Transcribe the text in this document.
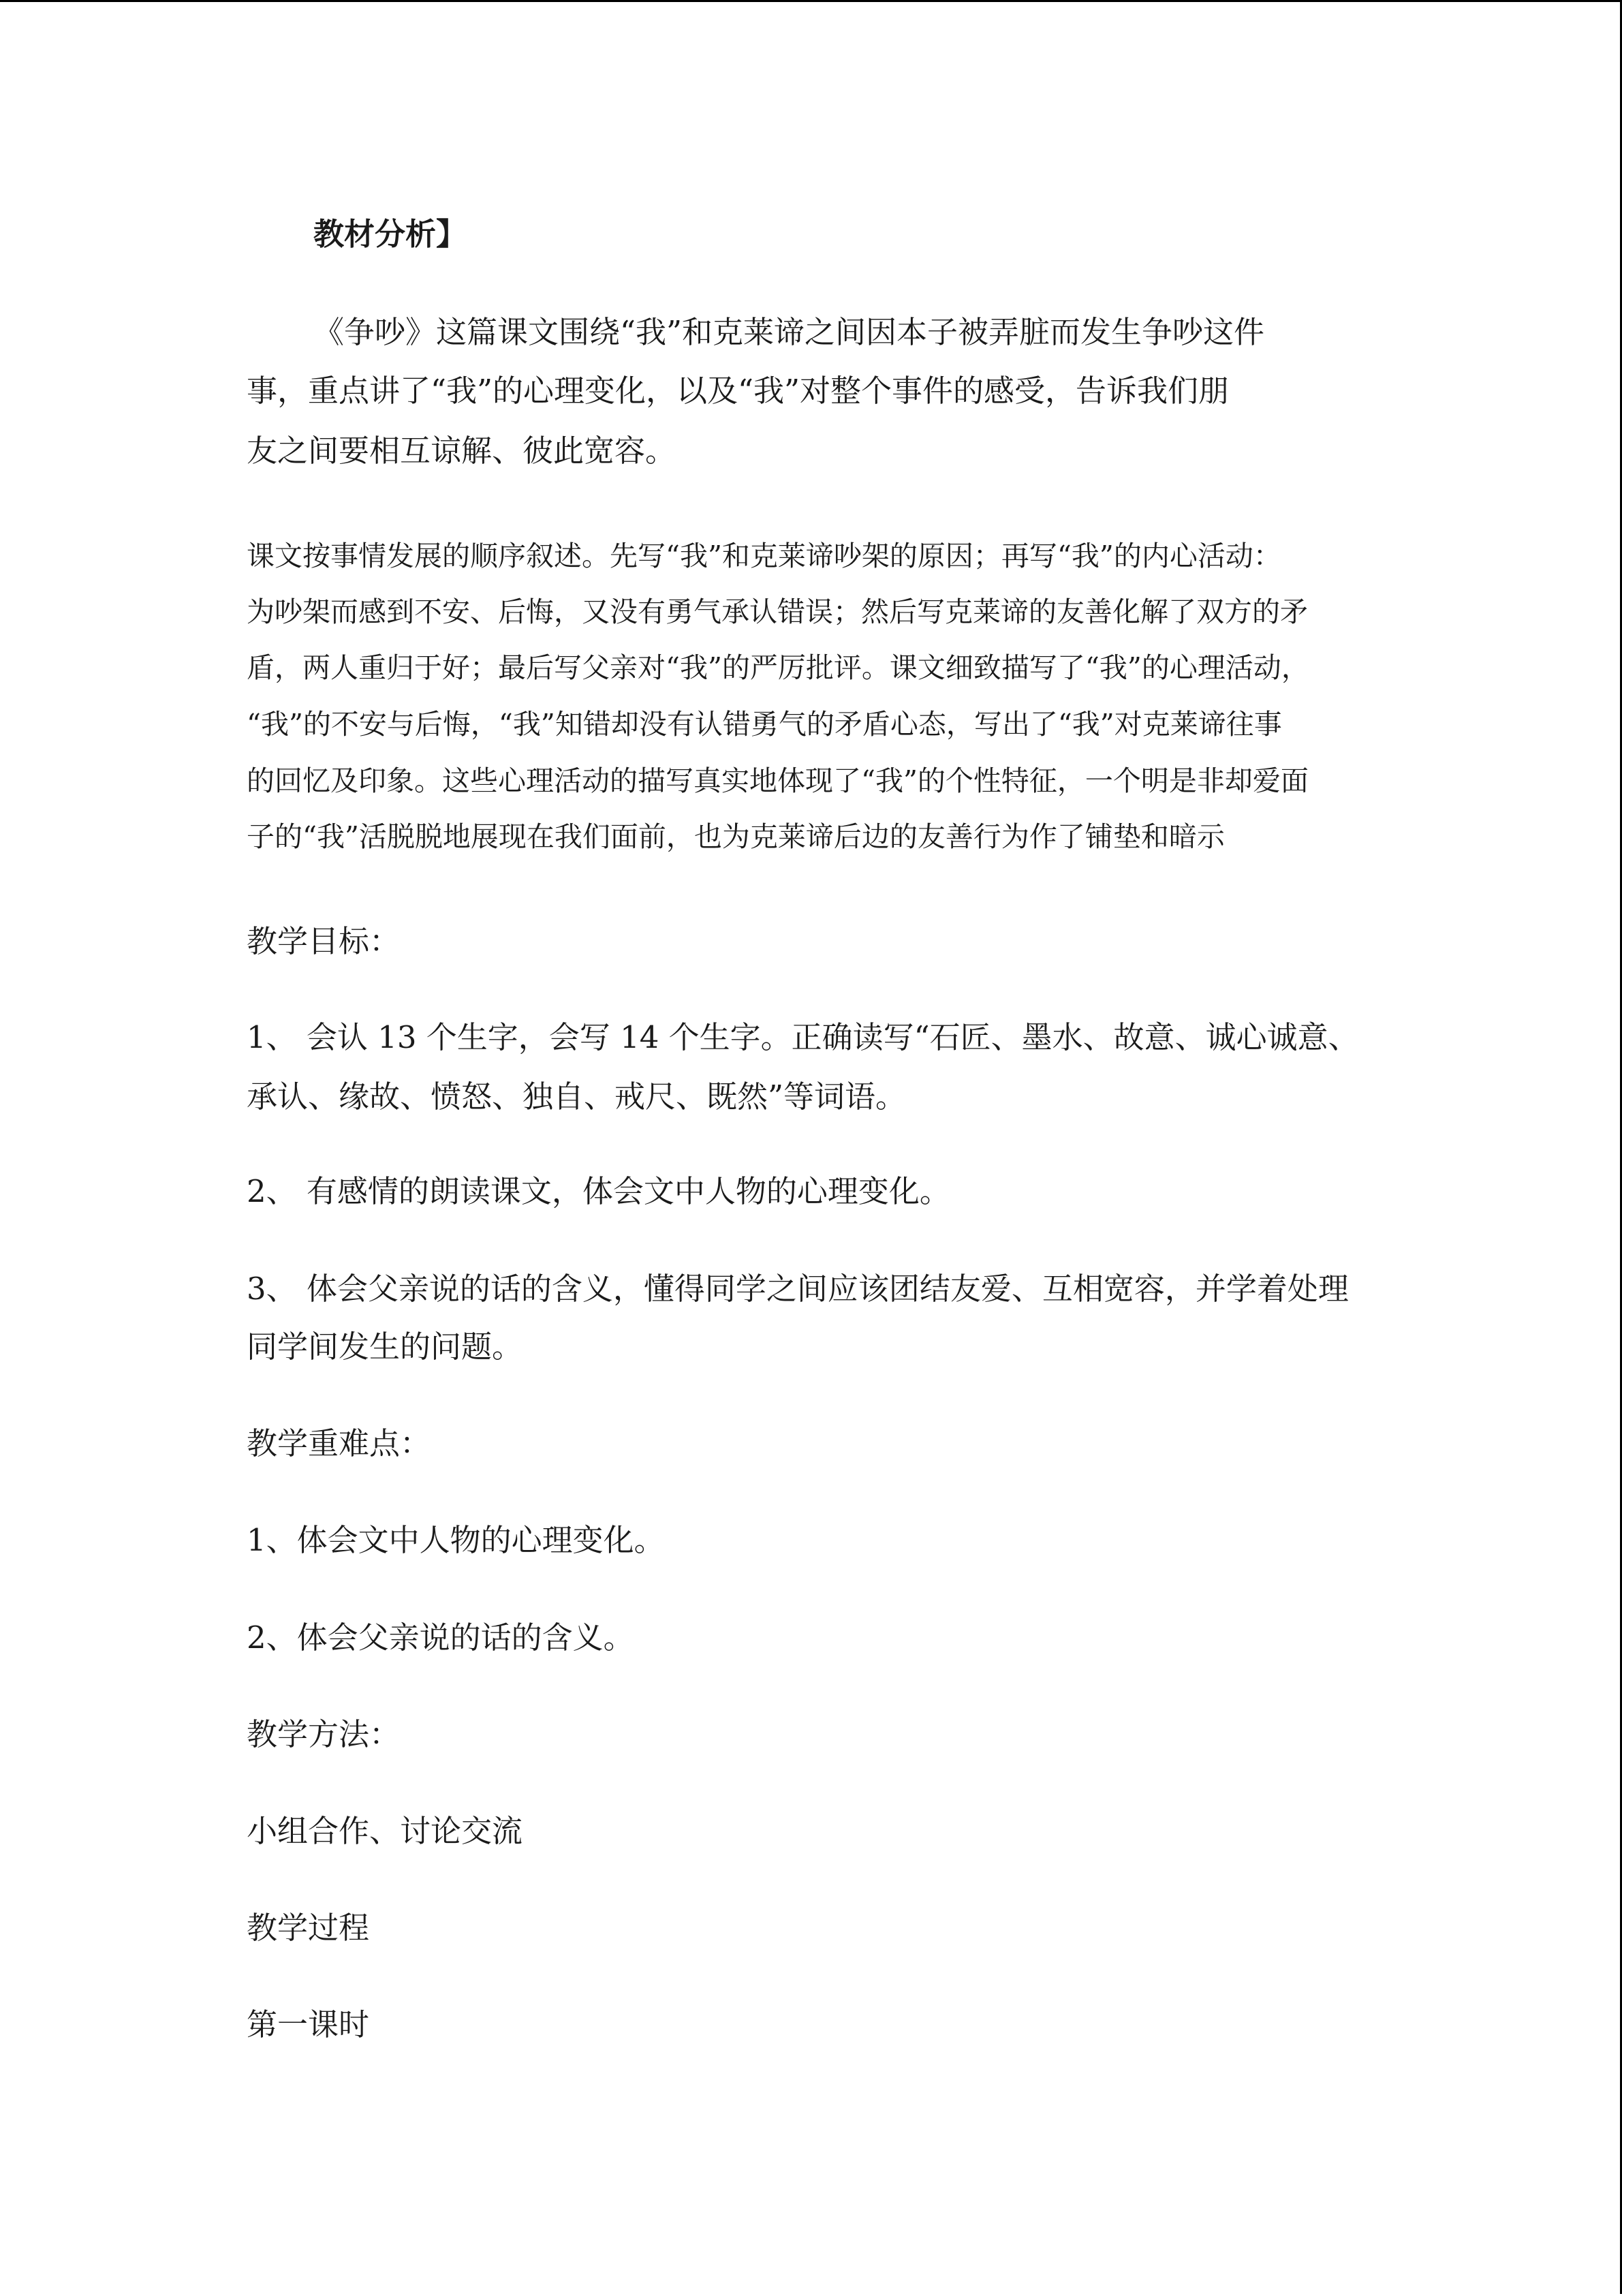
教材分析】
《争吵》这篇课文围绕“我”和克莱谛之间因本子被弄脏而发生争吵这件
事，重点讲了“我”的心理变化，以及“我”对整个事件的感受，告诉我们朋
友之间要相互谅解、彼此宽容。
课文按事情发展的顺序叙述。先写“我”和克莱谛吵架的原因；再写“我”的内心活动：
为吵架而感到不安、后悔，又没有勇气承认错误；然后写克莱谛的友善化解了双方的矛
盾，两人重归于好；最后写父亲对“我”的严厉批评。课文细致描写了“我”的心理活动，
“我”的不安与后悔，“我”知错却没有认错勇气的矛盾心态，写出了“我”对克莱谛往事
的回忆及印象。这些心理活动的描写真实地体现了“我”的个性特征，一个明是非却爱面
子的“我”活脱脱地展现在我们面前，也为克莱谛后边的友善行为作了铺垫和暗示
教学目标：
1、 会认 13 个生字，会写 14 个生字。正确读写“石匠、墨水、故意、诚心诚意、
承认、缘故、愤怒、独自、戒尺、既然”等词语。
2、 有感情的朗读课文，体会文中人物的心理变化。
3、 体会父亲说的话的含义，懂得同学之间应该团结友爱、互相宽容，并学着处理
同学间发生的问题。
教学重难点：
1、体会文中人物的心理变化。
2、体会父亲说的话的含义。
教学方法：
小组合作、讨论交流
教学过程
第一课时
